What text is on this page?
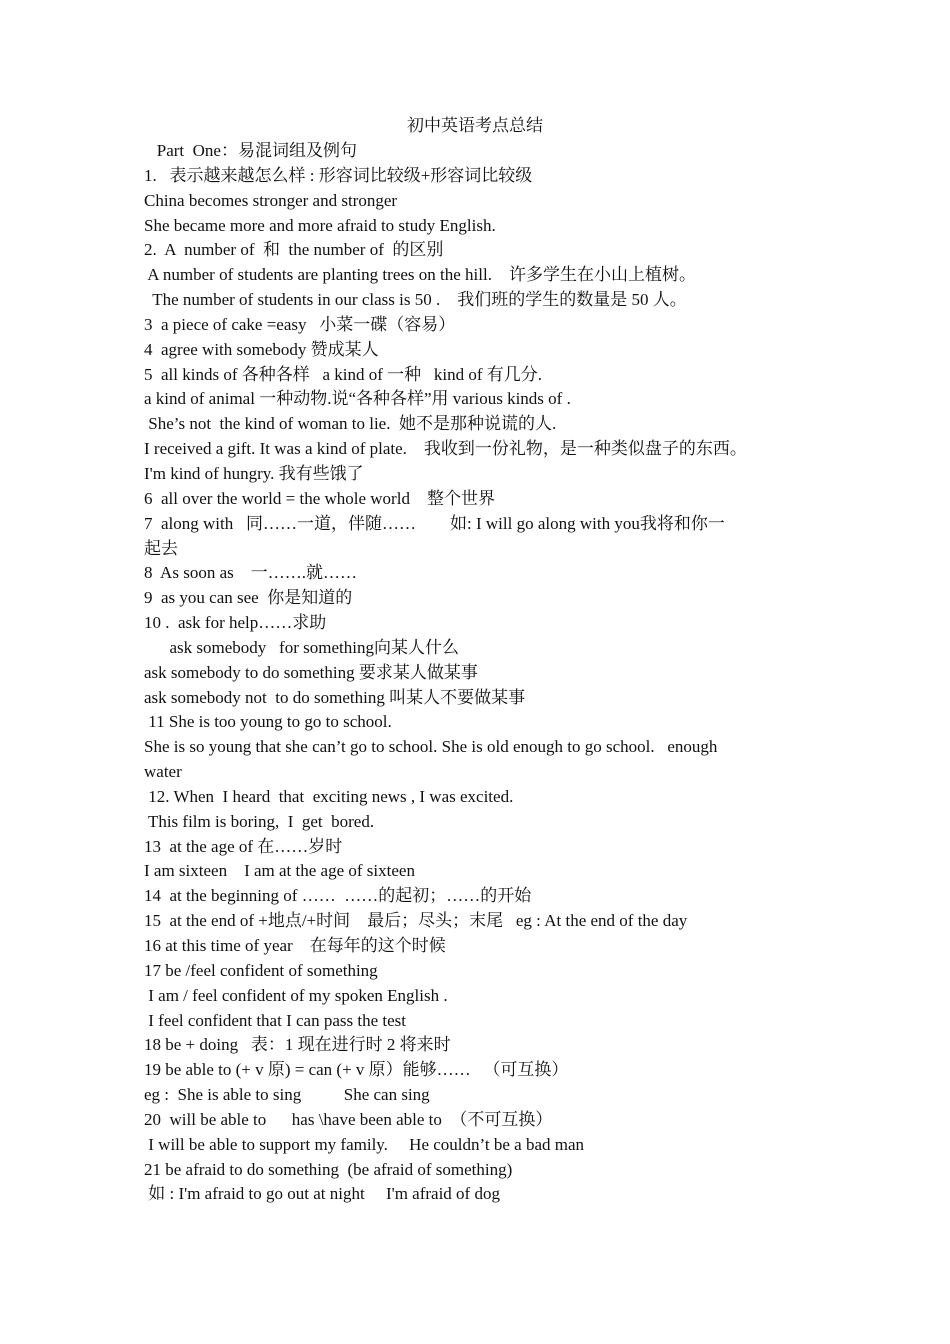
初中英语考点总结
Part  One：易混词组及例句
1.   表示越来越怎么样 : 形容词比较级+形容词比较级
China becomes stronger and stronger
She became more and more afraid to study English.
2.  A  number of  和  the number of  的区别
A number of students are planting trees on the hill.    许多学生在小山上植树。
The number of students in our class is 50 .    我们班的学生的数量是 50 人。
3  a piece of cake =easy   小菜一碟（容易）
4  agree with somebody 赞成某人
5  all kinds of 各种各样   a kind of 一种   kind of 有几分.
a kind of animal 一种动物.说“各种各样”用 various kinds of .
She’s not  the kind of woman to lie.  她不是那种说谎的人.
I received a gift. It was a kind of plate.    我收到一份礼物，是一种类似盘子的东西。
I'm kind of hungry. 我有些饿了
6  all over the world = the whole world    整个世界
7  along with   同……一道，伴随……        如: I will go along with you我将和你一
起去
8  As soon as    一…….就……
9  as you can see  你是知道的
10 .  ask for help……求助
ask somebody   for something向某人什么
ask somebody to do something 要求某人做某事
ask somebody not  to do something 叫某人不要做某事
11 She is too young to go to school.
She is so young that she can’t go to school. She is old enough to go school.   enough
water
12. When  I heard  that  exciting news , I was excited.
This film is boring,  I  get  bored.
13  at the age of 在……岁时
I am sixteen    I am at the age of sixteen
14  at the beginning of ……  ……的起初；……的开始
15  at the end of +地点/+时间    最后；尽头；末尾   eg : At the end of the day
16 at this time of year    在每年的这个时候
17 be /feel confident of something
I am / feel confident of my spoken English .
I feel confident that I can pass the test
18 be + doing   表：1 现在进行时 2 将来时
19 be able to (+ v 原) = can (+ v 原）能够……   （可互换）
eg :  She is able to sing          She can sing
20  will be able to      has \have been able to  （不可互换）
I will be able to support my family.     He couldn’t be a bad man
21 be afraid to do something  (be afraid of something)
如 : I'm afraid to go out at night     I'm afraid of dog
